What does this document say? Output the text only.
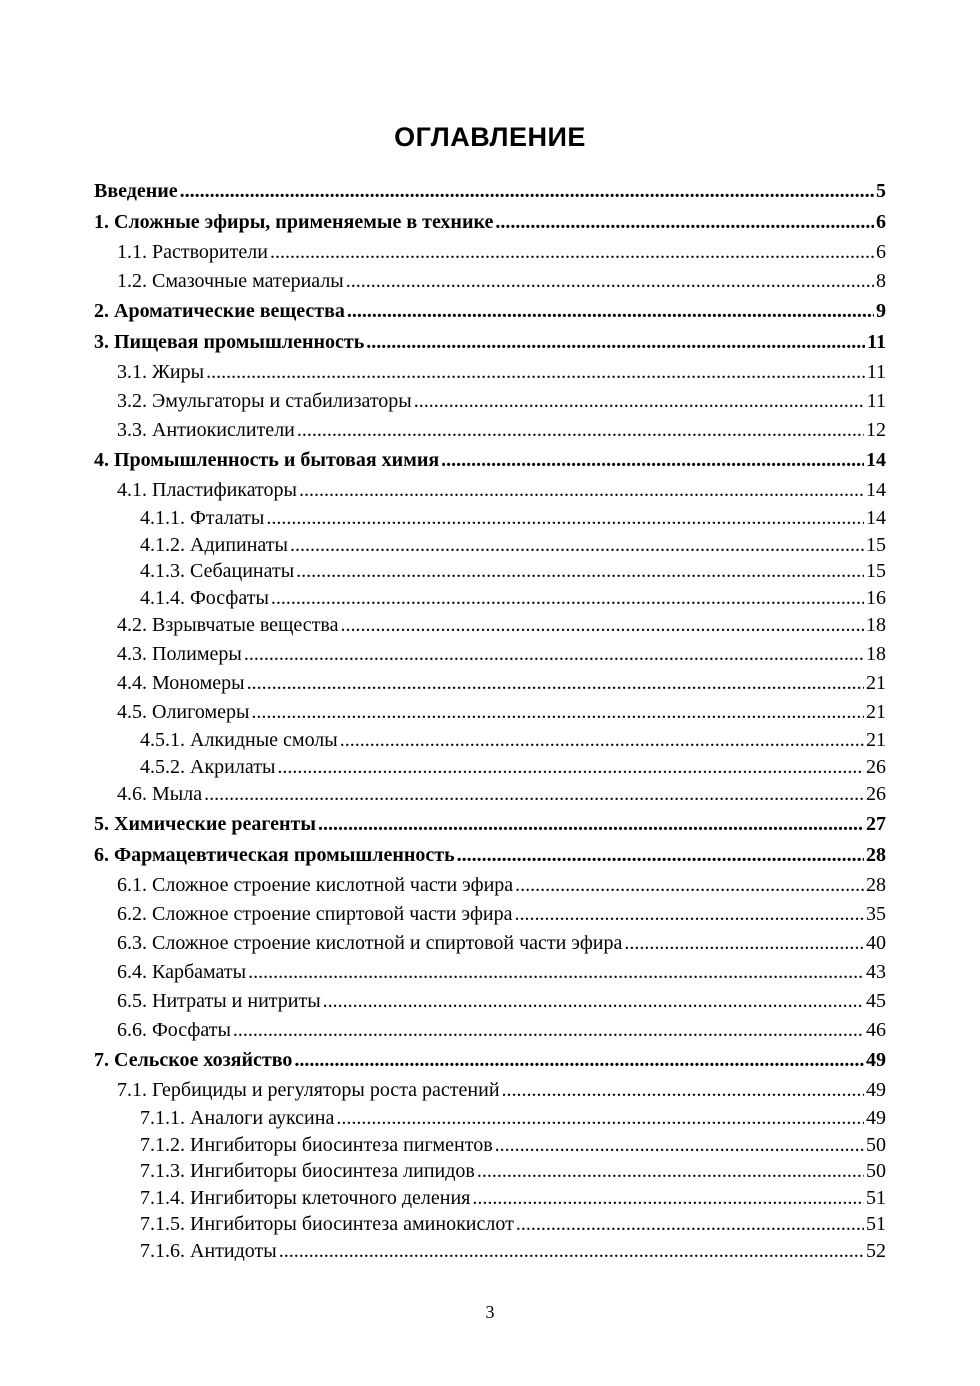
ОГЛАВЛЕНИЕ
Введение .....	5
1. Сложные эфиры, применяемые в технике .....	6
1.1. Растворители .....	6
1.2. Смазочные материалы .....	8
2. Ароматические вещества .....	9
3. Пищевая промышленность .....	11
3.1. Жиры .....	11
3.2. Эмульгаторы и стабилизаторы .....	11
3.3. Антиокислители .....	12
4. Промышленность и бытовая химия .....	14
4.1. Пластификаторы .....	14
4.1.1. Фталаты .....	14
4.1.2. Адипинаты .....	15
4.1.3. Себацинаты .....	15
4.1.4. Фосфаты .....	16
4.2. Взрывчатые вещества .....	18
4.3. Полимеры .....	18
4.4. Мономеры .....	21
4.5. Олигомеры .....	21
4.5.1. Алкидные смолы .....	21
4.5.2. Акрилаты .....	26
4.6. Мыла .....	26
5. Химические реагенты .....	27
6. Фармацевтическая промышленность .....	28
6.1. Сложное строение кислотной части эфира .....	28
6.2. Сложное строение спиртовой части эфира .....	35
6.3. Сложное строение кислотной и спиртовой части эфира .....	40
6.4. Карбаматы .....	43
6.5. Нитраты и нитриты .....	45
6.6. Фосфаты .....	46
7. Сельское хозяйство .....	49
7.1. Гербициды и регуляторы роста растений .....	49
7.1.1. Аналоги ауксина .....	49
7.1.2. Ингибиторы биосинтеза пигментов .....	50
7.1.3. Ингибиторы биосинтеза липидов .....	50
7.1.4. Ингибиторы клеточного деления .....	51
7.1.5. Ингибиторы биосинтеза аминокислот .....	51
7.1.6. Антидоты .....	52
3
